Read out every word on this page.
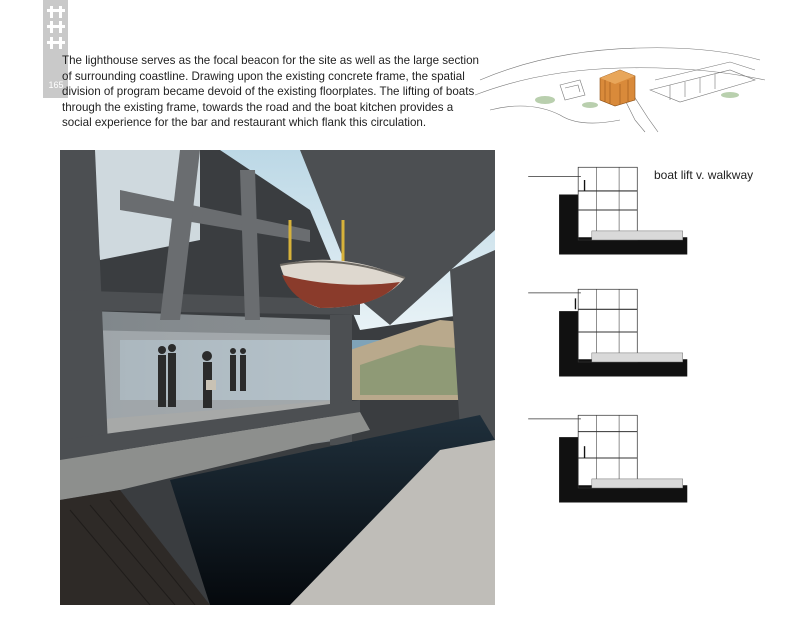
165

The lighthouse serves as the focal beacon for the site as well as the large section of surrounding coastline. Drawing upon the existing concrete frame, the spatial division of program became devoid of the existing floorplates. The lifting of boats through the existing frame, towards the road and the boat kitchen provides a social experience for the bar and restaurant which flank this circulation.

boat lift v. walkway
